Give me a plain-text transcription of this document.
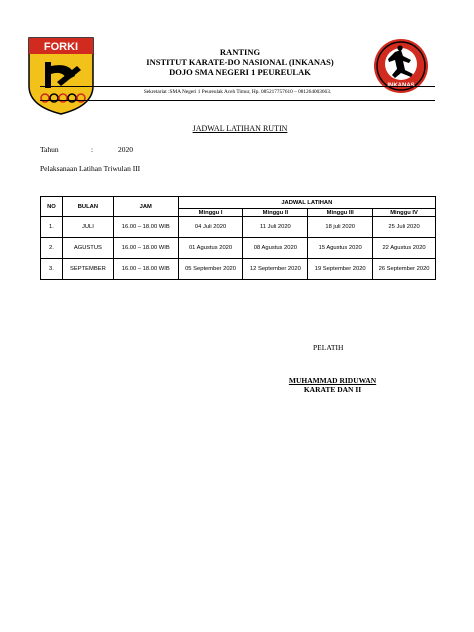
FORKI
INKANAS
RANTING
INSTITUT KARATE-DO NASIONAL (INKANAS)
DOJO SMA NEGERI 1 PEUREULAK
Sekretariat :SMA Negeri 1 Peureulak Aceh Timur, Hp. 085217757610 – 081264003663.
JADWAL LATIHAN RUTIN
Tahun	:	2020
Pelaksanaan Latihan Triwulan III
NO	BULAN	JAM	JADWAL LATIHAN			
			Minggu I	Minggu II	Minggu III	Minggu IV
1.	JULI	16.00 – 18.00 WIB	04 Juli 2020	11 Juli 2020	18 juli 2020	25 Juli 2020
2.	AGUSTUS	16.00 – 18.00 WIB	01 Agustus 2020	08 Agustus 2020	15 Agustus 2020	22 Agustus 2020
3.	SEPTEMBER	16.00 – 18.00 WIB	05 September 2020	12 September 2020	19 September 2020	26 September 2020
PELATIH
MUHAMMAD RIDUWAN
KARATE DAN II
